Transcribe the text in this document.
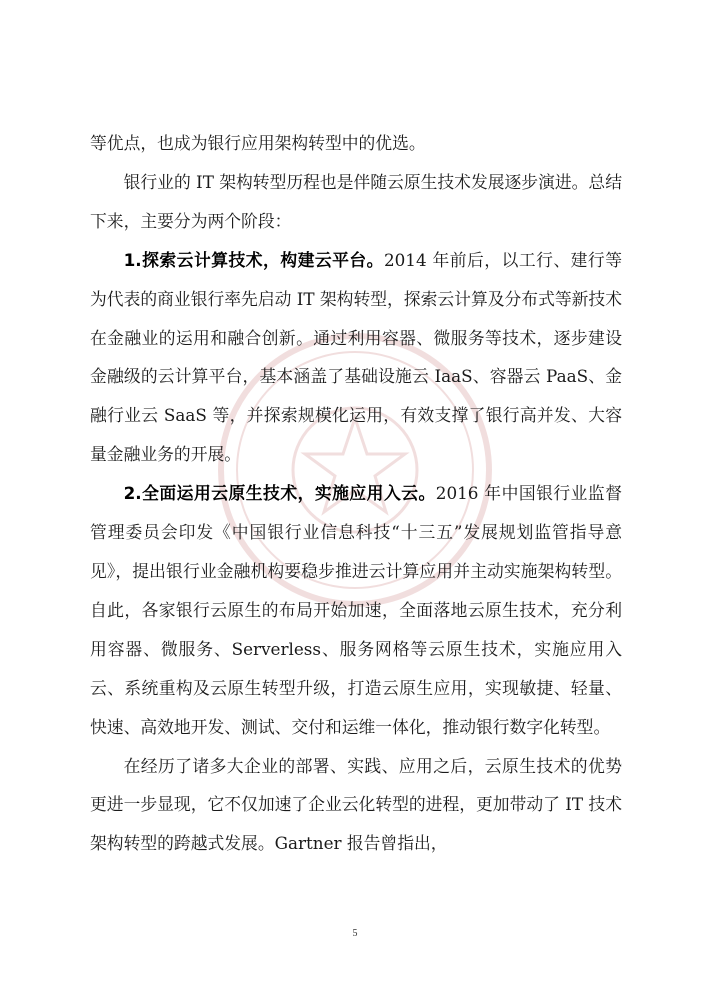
等优点，也成为银行应用架构转型中的优选。

银行业的 IT 架构转型历程也是伴随云原生技术发展逐步演进。总结下来，主要分为两个阶段：

1.探索云计算技术，构建云平台。2014 年前后，以工行、建行等为代表的商业银行率先启动 IT 架构转型，探索云计算及分布式等新技术在金融业的运用和融合创新。通过利用容器、微服务等技术，逐步建设金融级的云计算平台，基本涵盖了基础设施云 IaaS、容器云 PaaS、金融行业云 SaaS 等，并探索规模化运用，有效支撑了银行高并发、大容量金融业务的开展。

2.全面运用云原生技术，实施应用入云。2016 年中国银行业监督管理委员会印发《中国银行业信息科技“十三五”发展规划监管指导意见》，提出银行业金融机构要稳步推进云计算应用并主动实施架构转型。自此，各家银行云原生的布局开始加速，全面落地云原生技术，充分利用容器、微服务、Serverless、服务网格等云原生技术，实施应用入云、系统重构及云原生转型升级，打造云原生应用，实现敏捷、轻量、快速、高效地开发、测试、交付和运维一体化，推动银行数字化转型。

在经历了诸多大企业的部署、实践、应用之后，云原生技术的优势更进一步显现，它不仅加速了企业云化转型的进程，更加带动了 IT 技术架构转型的跨越式发展。Gartner 报告曾指出，

5
